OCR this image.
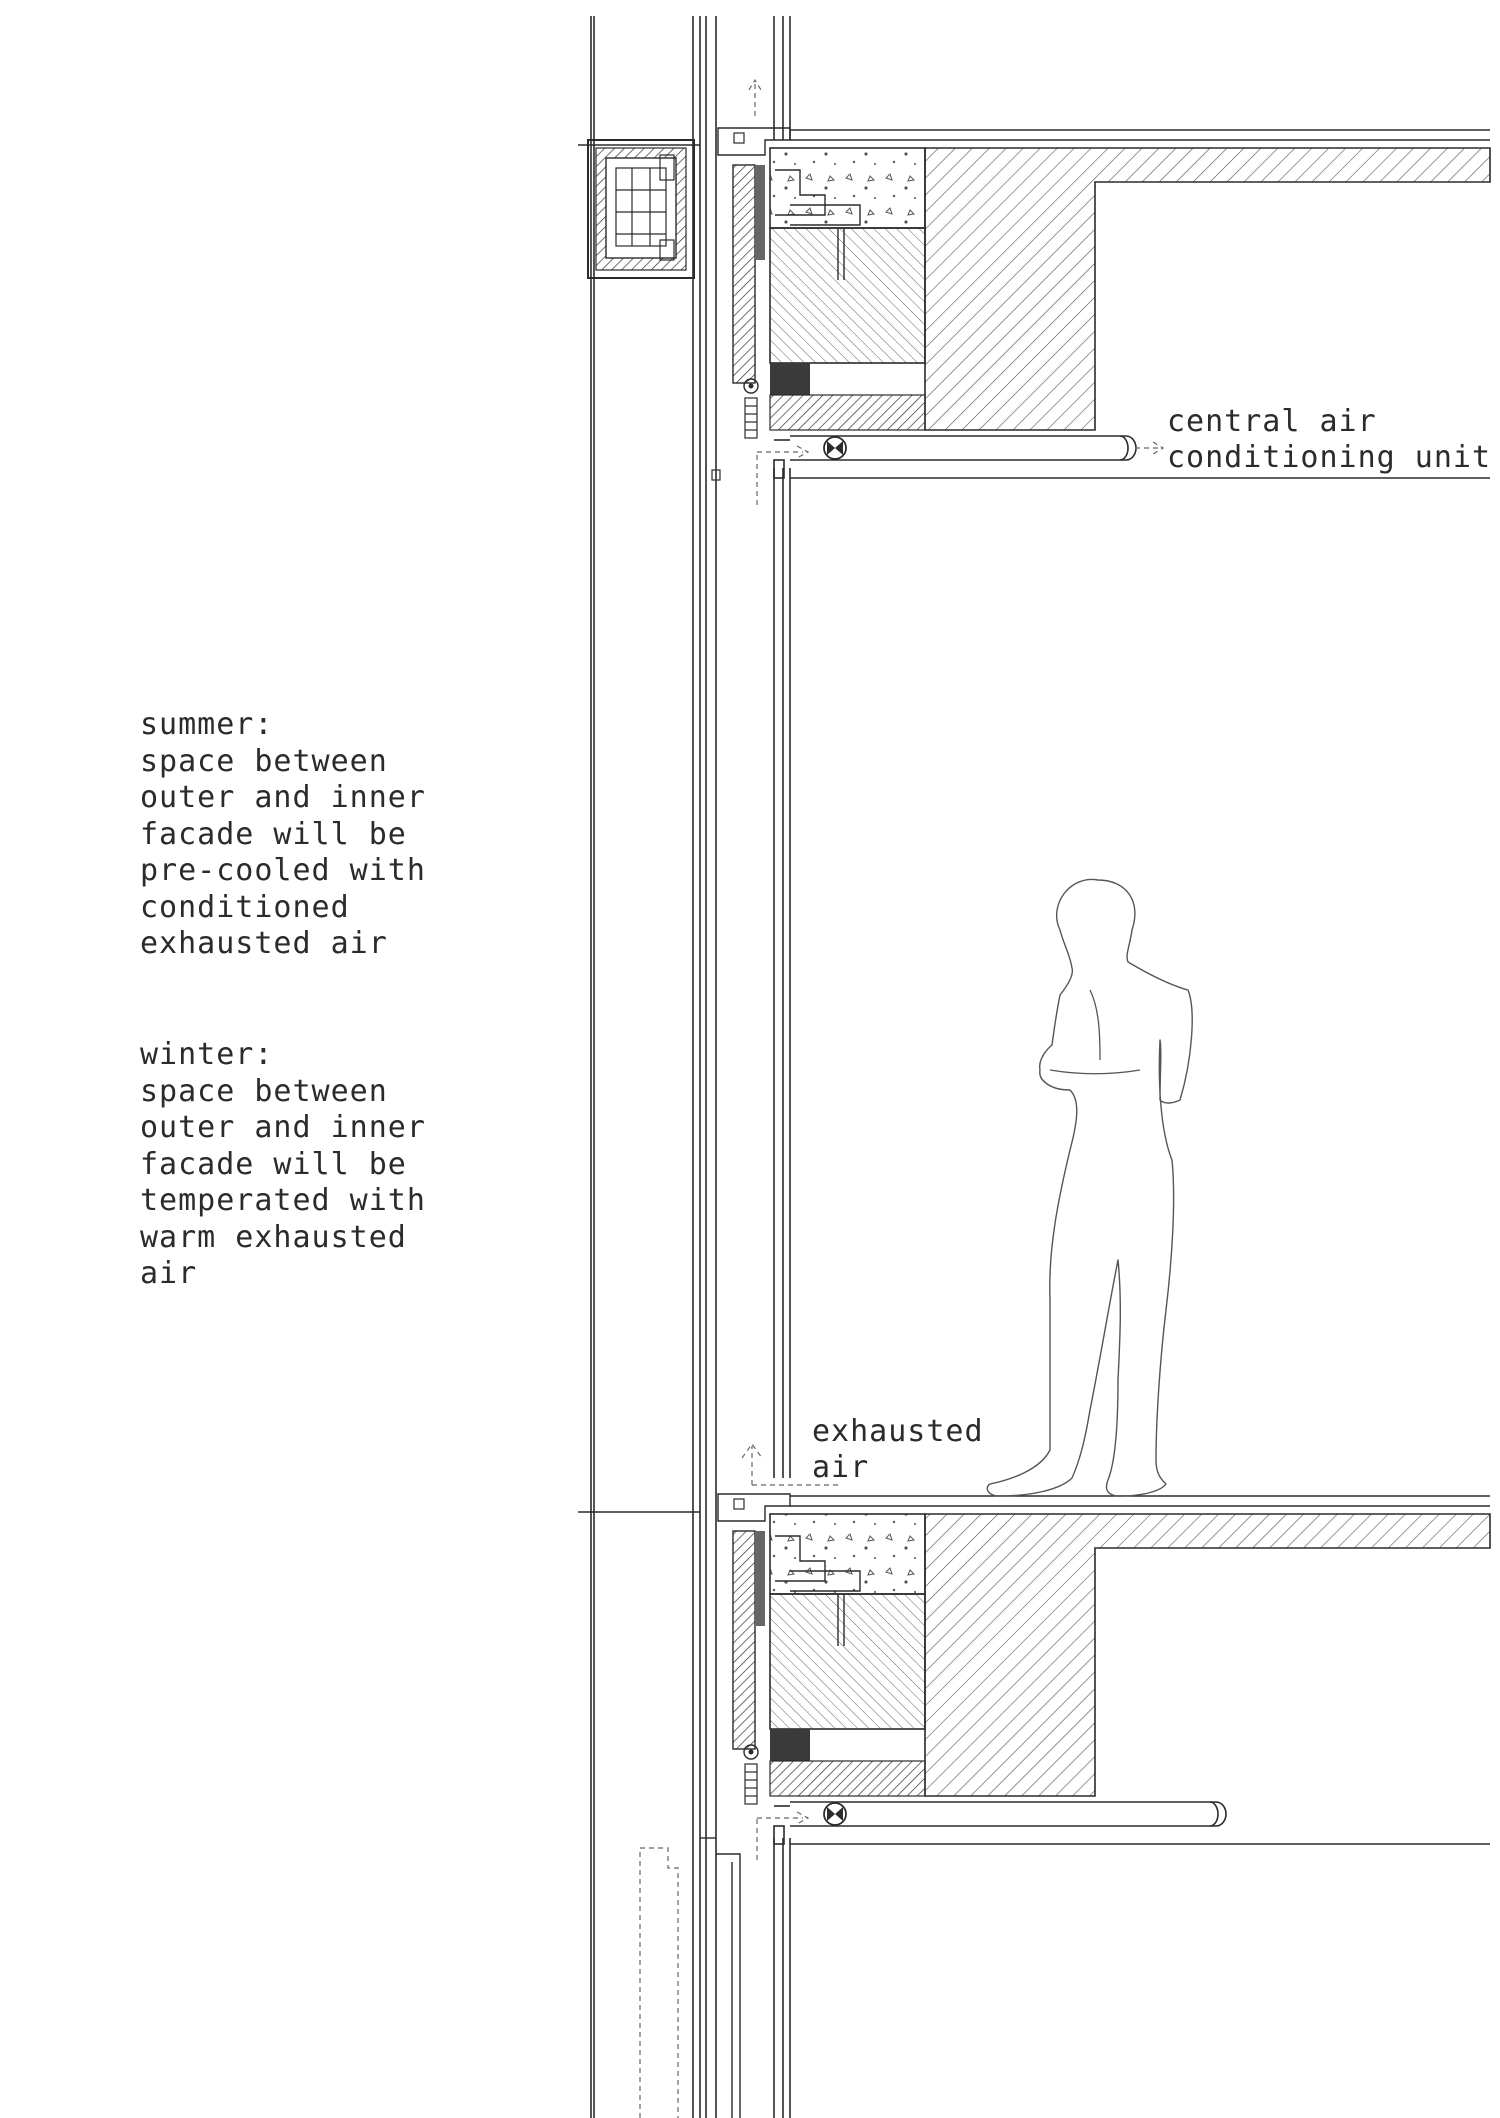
summer:
space between
outer and inner
facade will be
pre-cooled with
conditioned
exhausted air
winter:
space between
outer and inner
facade will be
temperated with
warm exhausted
air
central air
conditioning unit
exhausted
air
